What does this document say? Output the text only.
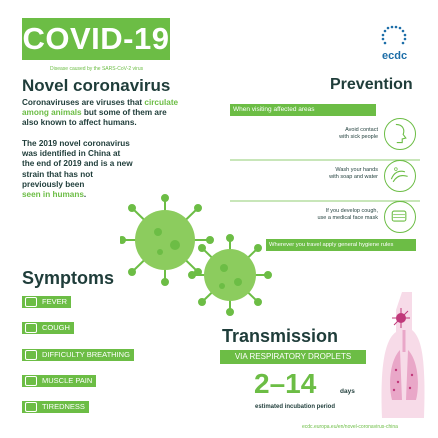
COVID-19
Disease caused by the SARS-CoV-2 virus
ecdc
Novel coronavirus
Coronaviruses are viruses that circulate
among animals but some of them are
also known to affect humans.
The 2019 novel coronavirus
was identified in China at
the end of 2019 and is a new
strain that has not
previously been
seen in humans.
Prevention
When visiting affected areas
Avoid contact
with sick people
Wash your hands
with soap and water
If you develop cough,
use a medical face mask
Wherever you travel apply general hygiene rules
Symptoms
FEVER
COUGH
DIFFICULTY BREATHING
MUSCLE PAIN
TIREDNESS
Transmission
VIA RESPIRATORY DROPLETS
2–14	days
estimated incubation period
ecdc.europa.eu/en/novel-coronavirus-china
